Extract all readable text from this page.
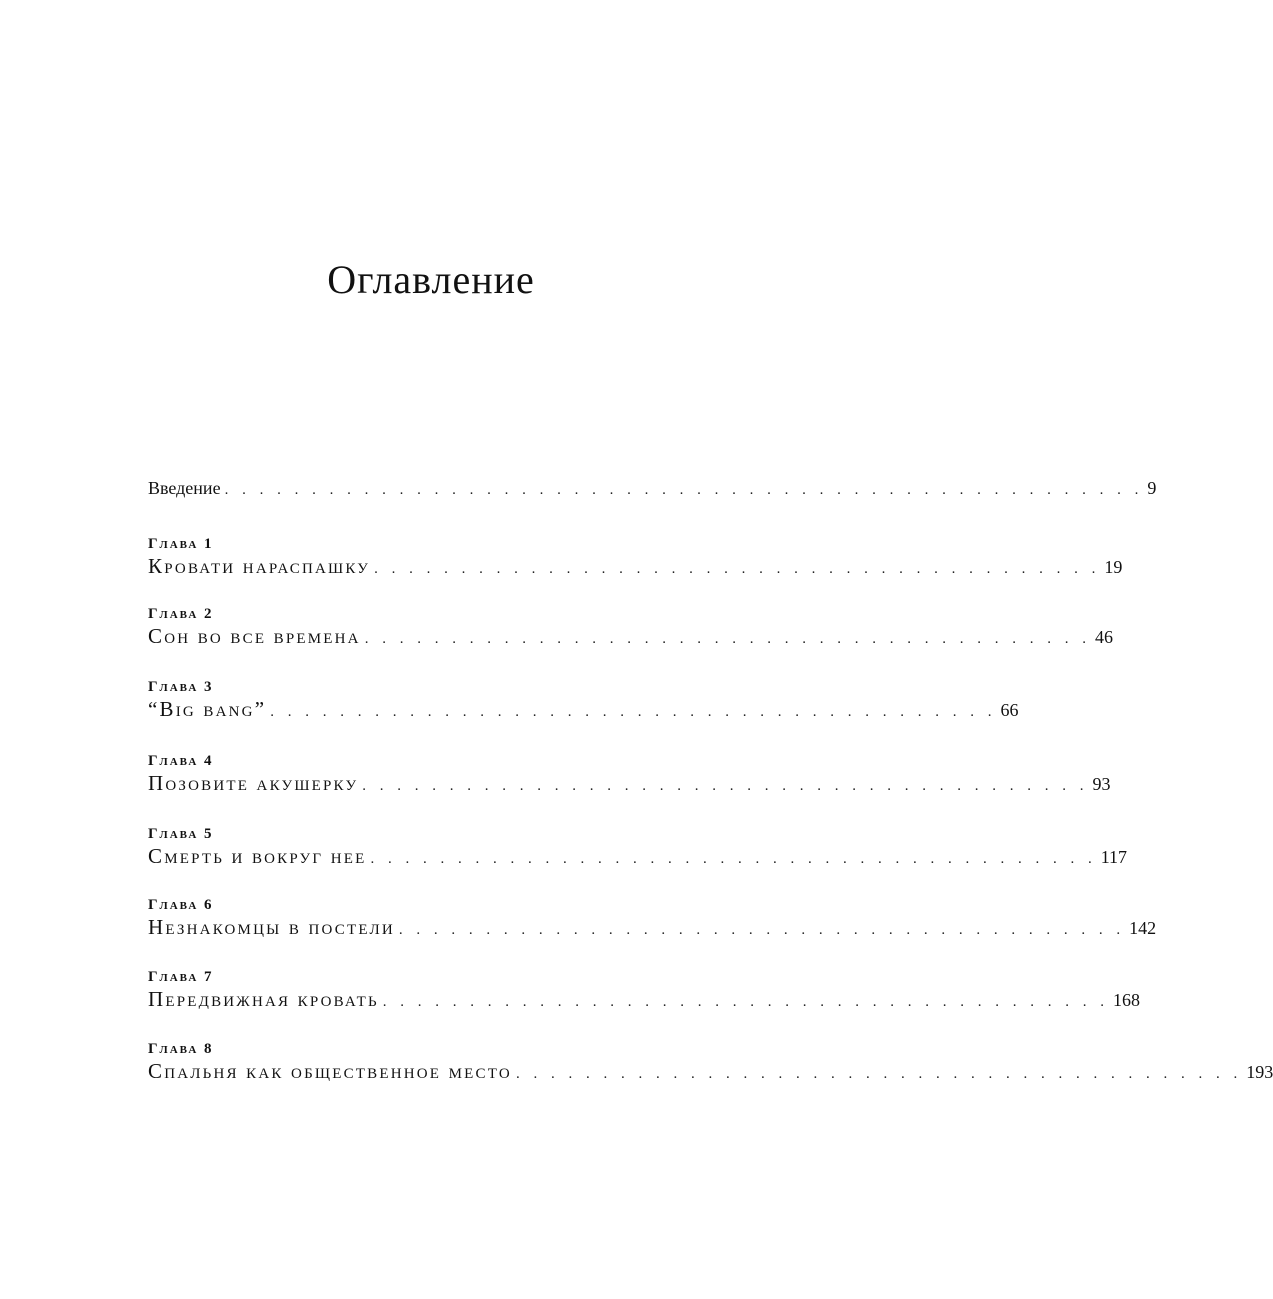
Оглавление
Введение . . . . . . . . . . . . . . . . . . . . . . . . . . . . . . . . . . . . . . . . . . . . . . . . . . . . . 9
Глава 1
Кровати нараспашку . . . . . . . . . . . . . . . . . . . . . . . . . . . . . . . . . . . . . . . . . . 19
Глава 2
Сон во все времена . . . . . . . . . . . . . . . . . . . . . . . . . . . . . . . . . . . . . . . . . . 46
Глава 3
“Big bang” . . . . . . . . . . . . . . . . . . . . . . . . . . . . . . . . . . . . . . . . . . 66
Глава 4
Позовите акушерку . . . . . . . . . . . . . . . . . . . . . . . . . . . . . . . . . . . . . . . . . . 93
Глава 5
Смерть и вокруг нее . . . . . . . . . . . . . . . . . . . . . . . . . . . . . . . . . . . . . . . . . . 117
Глава 6
Незнакомцы в постели . . . . . . . . . . . . . . . . . . . . . . . . . . . . . . . . . . . . . . . . . . 142
Глава 7
Передвижная кровать . . . . . . . . . . . . . . . . . . . . . . . . . . . . . . . . . . . . . . . . . . 168
Глава 8
Спальня как общественное место . . . . . . . . . . . . . . . . . . . . . . . . . . . . . . . . . . . . . . . . . . 193
